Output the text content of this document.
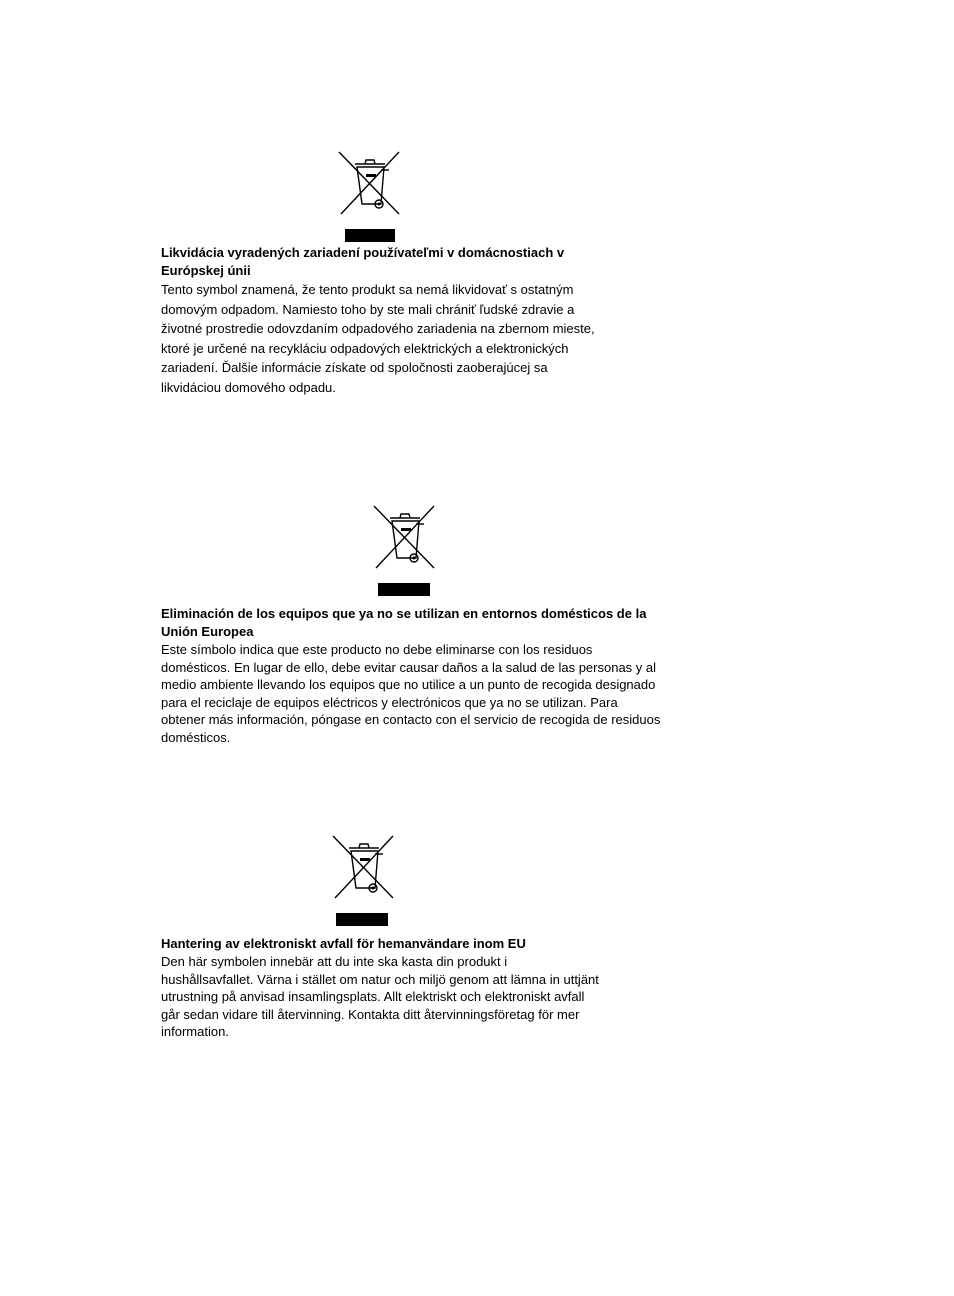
Likvidácia vyradených zariadení používateľmi v domácnostiach v Európskej únii

Tento symbol znamená, že tento produkt sa nemá likvidovať s ostatným domovým odpadom. Namiesto toho by ste mali chrániť ľudské zdravie a životné prostredie odovzdaním odpadového zariadenia na zbernom mieste, ktoré je určené na recykláciu odpadových elektrických a elektronických zariadení. Ďalšie informácie získate od spoločnosti zaoberajúcej sa likvidáciou domového odpadu.

Eliminación de los equipos que ya no se utilizan en entornos domésticos de la Unión Europea

Este símbolo indica que este producto no debe eliminarse con los residuos domésticos. En lugar de ello, debe evitar causar daños a la salud de las personas y al medio ambiente llevando los equipos que no utilice a un punto de recogida designado para el reciclaje de equipos eléctricos y electrónicos que ya no se utilizan. Para obtener más información, póngase en contacto con el servicio de recogida de residuos domésticos.

Hantering av elektroniskt avfall för hemanvändare inom EU

Den här symbolen innebär att du inte ska kasta din produkt i hushållsavfallet. Värna i stället om natur och miljö genom att lämna in uttjänt utrustning på anvisad insamlingsplats. Allt elektriskt och elektroniskt avfall går sedan vidare till återvinning. Kontakta ditt återvinningsföretag för mer information.
